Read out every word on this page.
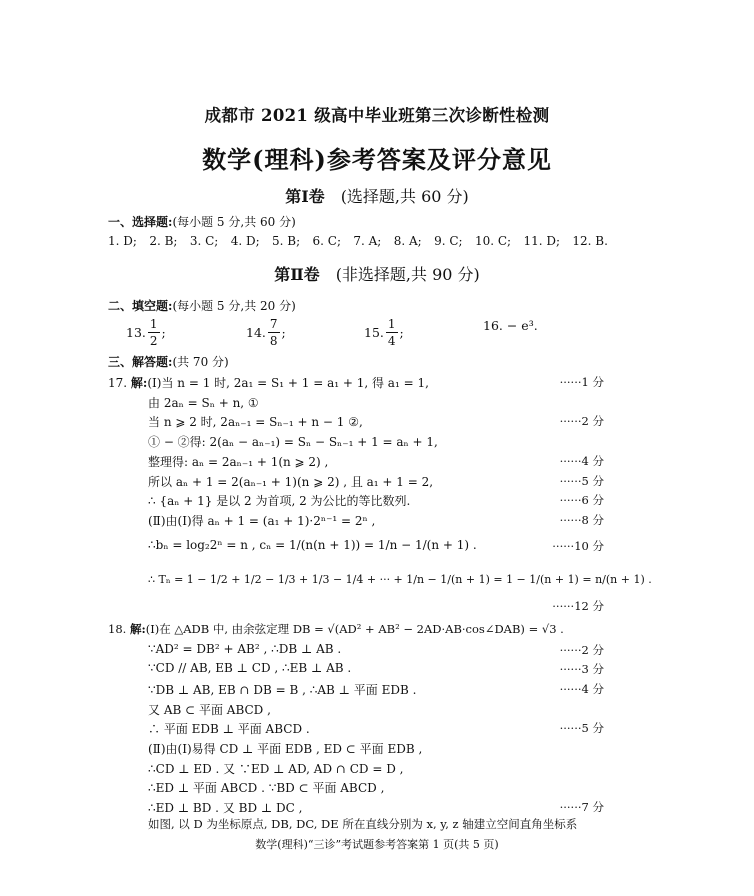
成都市 2021 级高中毕业班第三次诊断性检测
数学(理科)参考答案及评分意见
第Ⅰ卷 (选择题,共 60 分)
一、选择题:(每小题 5 分,共 60 分)
1. D; 2. B; 3. C; 4. D; 5. B; 6. C; 7. A; 8. A; 9. C; 10. C; 11. D; 12. B.
第Ⅱ卷 (非选择题,共 90 分)
二、填空题:(每小题 5 分,共 20 分)
13. $\frac{1}{2}$ ;	14. $\frac{7}{8}$ ;	15. $\frac{1}{4}$ ;	16. − e³.
三、解答题:(共 70 分)
17. 解:(Ⅰ)当 n = 1 时, 2a₁ = S₁ + 1 = a₁ + 1, 得 a₁ = 1,	······1 分
由 2aₙ = Sₙ + n, ①
当 n ⩾ 2 时, 2aₙ₋₁ = Sₙ₋₁ + n − 1 ②,	······2 分
① − ②得: 2(aₙ − aₙ₋₁) = Sₙ − Sₙ₋₁ + 1 = aₙ + 1,
整理得: aₙ = 2aₙ₋₁ + 1(n ⩾ 2) ,	······4 分
所以 aₙ + 1 = 2(aₙ₋₁ + 1)(n ⩾ 2) , 且 a₁ + 1 = 2,	······5 分
∴ {aₙ + 1} 是以 2 为首项, 2 为公比的等比数列.	······6 分
(Ⅱ)由(Ⅰ)得 aₙ + 1 = (a₁ + 1)·2ⁿ⁻¹ = 2ⁿ ,	······8 分
∴bₙ = log₂2ⁿ = n , cₙ = 1/(n(n + 1)) = 1/n − 1/(n + 1) .	······10 分
∴ Tₙ = 1 − 1/2 + 1/2 − 1/3 + 1/3 − 1/4 + ··· + 1/n − 1/(n + 1) = 1 − 1/(n + 1) = n/(n + 1) .
······12 分
18. 解:(Ⅰ)在 △ADB 中, 由余弦定理 DB = √(AD² + AB² − 2AD·AB·cos∠DAB) = √3 .
∵AD² = DB² + AB² , ∴DB ⊥ AB .	······2 分
∵CD // AB, EB ⊥ CD , ∴EB ⊥ AB .	······3 分
∵DB ⊥ AB, EB ∩ DB = B , ∴AB ⊥ 平面 EDB .	······4 分
又 AB ⊂ 平面 ABCD ,
∴ 平面 EDB ⊥ 平面 ABCD .	······5 分
(Ⅱ)由(Ⅰ)易得 CD ⊥ 平面 EDB , ED ⊂ 平面 EDB ,
∴CD ⊥ ED . 又 ∵ED ⊥ AD, AD ∩ CD = D ,
∴ED ⊥ 平面 ABCD . ∵BD ⊂ 平面 ABCD ,
∴ED ⊥ BD . 又 BD ⊥ DC ,	······7 分
如图, 以 D 为坐标原点, DB, DC, DE 所在直线分别为 x, y, z 轴建立空间直角坐标系
数学(理科)“三诊”考试题参考答案第 1 页(共 5 页)
